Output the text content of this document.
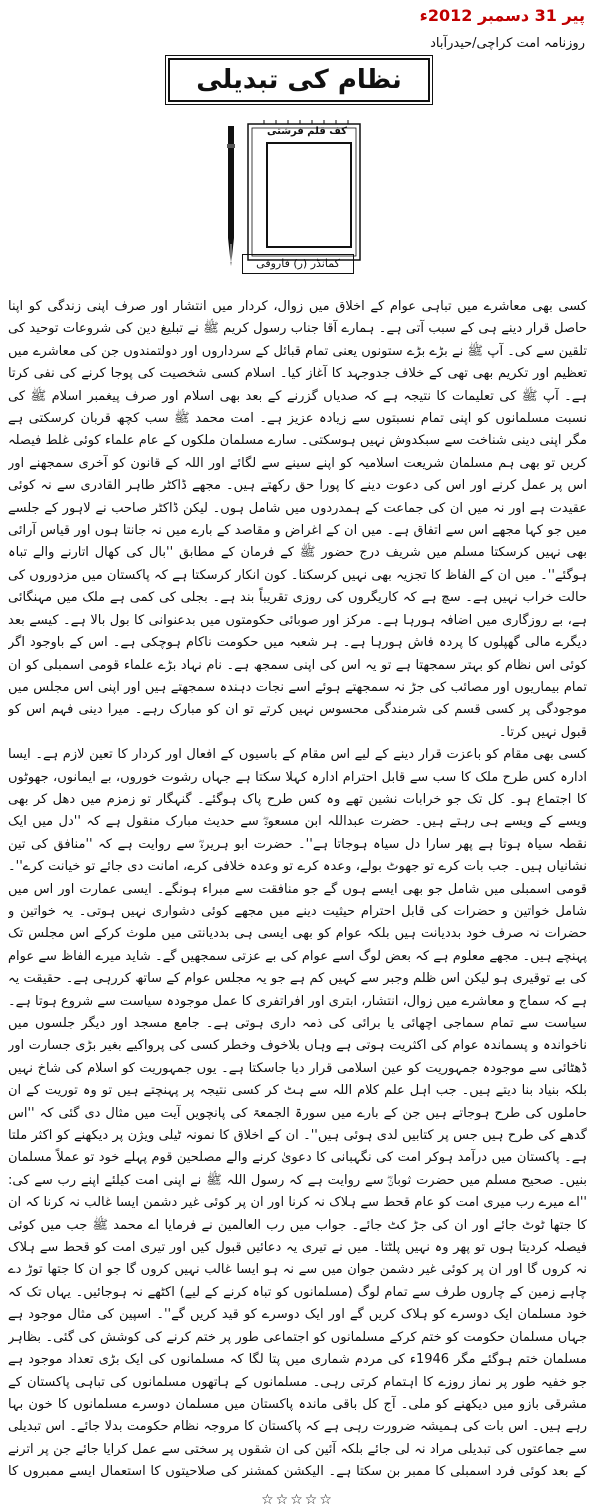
پیر 31 دسمبر 2012ء
روزنامہ امت کراچی/حیدرآباد
نظام کی تبدیلی
کف قلم فرشتی
کمانڈر (ر) فاروقی

کسی بھی معاشرے میں تباہی عوام کے اخلاق میں زوال، کردار میں انتشار اور صرف اپنی زندگی کو اپنا حاصل قرار دینے ہی کے سبب آتی ہے۔ ہمارے آقا جناب رسول کریم ﷺ نے تبلیغ دین کی شروعات توحید کی تلقین سے کی۔ آپ ﷺ نے بڑے بڑے ستونوں یعنی تمام قبائل کے سرداروں اور دولتمندوں جن کی معاشرے میں تعظیم اور تکریم بھی تھی کے خلاف جدوجہد کا آغاز کیا۔ اسلام کسی شخصیت کی پوجا کرنے کی نفی کرتا ہے۔ آپ ﷺ کی تعلیمات کا نتیجہ ہے کہ صدیاں گزرنے کے بعد بھی اسلام اور صرف پیغمبر اسلام ﷺ کی نسبت مسلمانوں کو اپنی تمام نسبتوں سے زیادہ عزیز ہے۔ امت محمد ﷺ سب کچھ قربان کرسکتی ہے مگر اپنی دینی شناخت سے سبکدوش نہیں ہوسکتی۔ سارے مسلمان ملکوں کے عام علماء کوئی غلط فیصلہ کریں تو بھی ہم مسلمان شریعت اسلامیہ کو اپنے سینے سے لگائے اور اللہ کے قانون کو آخری سمجھنے اور اس پر عمل کرنے اور اس کی دعوت دینے کا پورا حق رکھتے ہیں۔ مجھے ڈاکٹر طاہر القادری سے نہ کوئی عقیدت ہے اور نہ میں ان کی جماعت کے ہمدردوں میں شامل ہوں۔ لیکن ڈاکٹر صاحب نے لاہور کے جلسے میں جو کہا مجھے اس سے اتفاق ہے۔ میں ان کے اغراض و مقاصد کے بارے میں نہ جانتا ہوں اور قیاس آرائی بھی نہیں کرسکتا مسلم میں شریف درج حضور ﷺ کے فرمان کے مطابق ''بال کی کھال اتارنے والے تباہ ہوگئے''۔ میں ان کے الفاظ کا تجزیہ بھی نہیں کرسکتا۔ کون انکار کرسکتا ہے کہ پاکستان میں مزدوروں کی حالت خراب نہیں ہے۔ سچ ہے کہ کاریگروں کی روزی تقریباً بند ہے۔ بجلی کی کمی ہے ملک میں مہنگائی ہے، بے روزگاری میں اضافہ ہورہا ہے۔ مرکز اور صوبائی حکومتوں میں بدعنوانی کا بول بالا ہے۔ کیسے بعد دیگرے مالی گھپلوں کا پردہ فاش ہورہا ہے۔ ہر شعبہ میں حکومت ناکام ہوچکی ہے۔ اس کے باوجود اگر کوئی اس نظام کو بہتر سمجھتا ہے تو یہ اس کی اپنی سمجھ ہے۔ نام نہاد بڑے علماء قومی اسمبلی کو ان تمام بیماریوں اور مصائب کی جڑ نہ سمجھتے ہوئے اسے نجات دہندہ سمجھتے ہیں اور اپنی اس مجلس میں موجودگی پر کسی قسم کی شرمندگی محسوس نہیں کرتے تو ان کو مبارک رہے۔ میرا دینی فہم اس کو قبول نہیں کرتا۔

کسی بھی مقام کو باعزت قرار دینے کے لیے اس مقام کے باسیوں کے افعال اور کردار کا تعین لازم ہے۔ ایسا ادارہ کس طرح ملک کا سب سے قابل احترام ادارہ کہلا سکتا ہے جہاں رشوت خوروں، بے ایمانوں، جھوٹوں کا اجتماع ہو۔ کل تک جو خرابات نشین تھے وہ کس طرح پاک ہوگئے۔ گنہگار تو زمزم میں دھل کر بھی ویسے کے ویسے ہی رہتے ہیں۔ حضرت عبداللہ ابن مسعودؓ سے حدیث مبارک منقول ہے کہ ''دل میں ایک نقطہ سیاہ ہوتا ہے پھر سارا دل سیاہ ہوجاتا ہے''۔ حضرت ابو ہریرہؓ سے روایت ہے کہ ''منافق کی تین نشانیاں ہیں۔ جب بات کرے تو جھوٹ بولے، وعدہ کرے تو وعدہ خلافی کرے، امانت دی جائے تو خیانت کرے''۔ قومی اسمبلی میں شامل جو بھی ایسے ہوں گے جو منافقت سے مبراء ہونگے۔ ایسی عمارت اور اس میں شامل خواتین و حضرات کی قابل احترام حیثیت دینے میں مجھے کوئی دشواری نہیں ہوتی۔ یہ خواتین و حضرات نہ صرف خود بددیانت ہیں بلکہ عوام کو بھی ایسی ہی بددیانتی میں ملوث کرکے اس مجلس تک پہنچے ہیں۔ مجھے معلوم ہے کہ بعض لوگ اسے عوام کی بے عزتی سمجھیں گے۔ شاید میرے الفاظ سے عوام کی بے توقیری ہو لیکن اس ظلم وجبر سے کہیں کم ہے جو یہ مجلس عوام کے ساتھ کررہی ہے۔ حقیقت یہ ہے کہ سماج و معاشرے میں زوال، انتشار، ابتری اور افراتفری کا عمل موجودہ سیاست سے شروع ہوتا ہے۔ سیاست سے تمام سماجی اچھائی یا برائی کی ذمہ داری ہوتی ہے۔ جامع مسجد اور دیگر جلسوں میں ناخواندہ و پسماندہ عوام کی اکثریت ہوتی ہے وہاں بلاخوف وخطر کسی کی پرواکیے بغیر بڑی جسارت اور ڈھٹائی سے موجودہ جمہوریت کو عین اسلامی قرار دیا جاسکتا ہے۔ یوں جمہوریت کو اسلام کی شاخ نہیں بلکہ بنیاد بنا دیتے ہیں۔ جب اہل علم کلام اللہ سے ہٹ کر کسی نتیجہ پر پہنچتے ہیں تو وہ توریت کے ان حاملوں کی طرح ہوجاتے ہیں جن کے بارے میں سورۃ الجمعۃ کی پانچویں آیت میں مثال دی گئی کہ ''اس گدھے کی طرح ہیں جس پر کتابیں لدی ہوئی ہیں''۔ ان کے اخلاق کا نمونہ ٹیلی ویژن پر دیکھنے کو اکثر ملتا ہے۔ پاکستان میں درآمد ہوکر امت کی نگہبانی کا دعویٰ کرنے والے مصلحین قوم پہلے خود تو عملاً مسلمان بنیں۔ صحیح مسلم میں حضرت ثوبانؓ سے روایت ہے کہ رسول اللہ ﷺ نے اپنی امت کیلئے اپنے رب سے کی: ''اے میرے رب میری امت کو عام قحط سے ہلاک نہ کرنا اور ان پر کوئی غیر دشمن ایسا غالب نہ کرنا کہ ان کا جتھا ٹوٹ جائے اور ان کی جڑ کٹ جائے۔ جواب میں رب العالمین نے فرمایا اے محمد ﷺ جب میں کوئی فیصلہ کردیتا ہوں تو پھر وہ نہیں پلٹتا۔ میں نے تیری یہ دعائیں قبول کیں اور تیری امت کو قحط سے ہلاک نہ کروں گا اور ان پر کوئی غیر دشمن جوان میں سے نہ ہو ایسا غالب نہیں کروں گا جو ان کا جتھا توڑ دے چاہے زمین کے چاروں طرف سے تمام لوگ (مسلمانوں کو تباہ کرنے کے لیے) اکٹھے نہ ہوجائیں۔ یہاں تک کہ خود مسلمان ایک دوسرے کو ہلاک کریں گے اور ایک دوسرے کو قید کریں گے''۔ اسپین کی مثال موجود ہے جہاں مسلمان حکومت کو ختم کرکے مسلمانوں کو اجتماعی طور پر ختم کرنے کی کوشش کی گئی۔ بظاہر مسلمان ختم ہوگئے مگر 1946ء کی مردم شماری میں پتا لگا کہ مسلمانوں کی ایک بڑی تعداد موجود ہے جو خفیہ طور پر نماز روزے کا اہتمام کرتی رہی۔ مسلمانوں کے ہاتھوں مسلمانوں کی تباہی پاکستان کے مشرقی بازو میں دیکھنے کو ملی۔ آج کل باقی ماندہ پاکستان میں مسلمان دوسرے مسلمانوں کا خون بہا رہے ہیں۔ اس بات کی ہمیشہ ضرورت رہی ہے کہ پاکستان کا مروجہ نظام حکومت بدلا جائے۔ اس تبدیلی سے جماعتوں کی تبدیلی مراد نہ لی جائے بلکہ آئین کی ان شقوں پر سختی سے عمل کرایا جائے جن پر اترنے کے بعد کوئی فرد اسمبلی کا ممبر بن سکتا ہے۔ الیکشن کمشنر کی صلاحیتوں کا استعمال ایسے ممبروں کا

☆☆☆☆☆
